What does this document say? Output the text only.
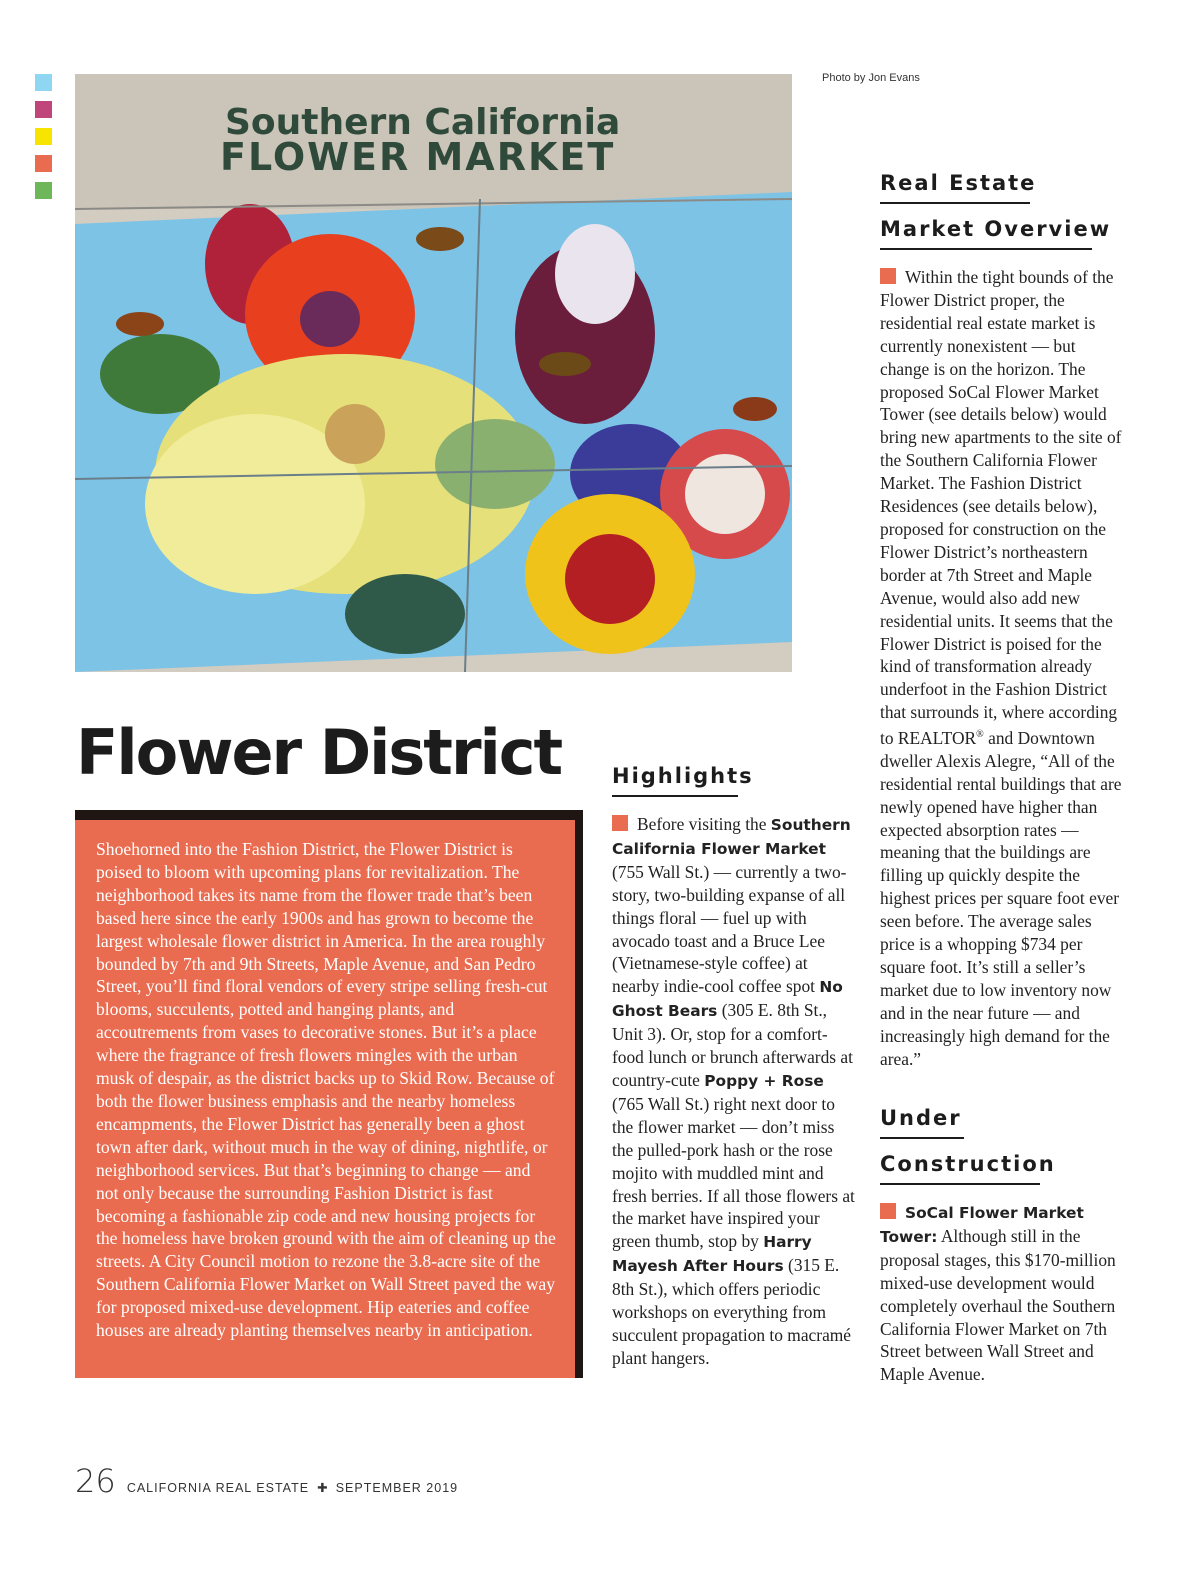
Southern California
FLOWER MARKET
Photo by Jon Evans
Flower District

Shoehorned into the Fashion District, the Flower District is poised to bloom with upcoming plans for revitalization. The neighborhood takes its name from the flower trade that’s been based here since the early 1900s and has grown to become the largest wholesale flower district in America. In the area roughly bounded by 7th and 9th Streets, Maple Avenue, and San Pedro Street, you’ll find floral vendors of every stripe selling fresh-cut blooms, succulents, potted and hanging plants, and accoutrements from vases to decorative stones. But it’s a place where the fragrance of fresh flowers mingles with the urban musk of despair, as the district backs up to Skid Row. Because of both the flower business emphasis and the nearby homeless encampments, the Flower District has generally been a ghost town after dark, without much in the way of dining, nightlife, or neighborhood services. But that’s beginning to change — and not only because the surrounding Fashion District is fast becoming a fashionable zip code and new housing projects for the homeless have broken ground with the aim of cleaning up the streets. A City Council motion to rezone the 3.8-acre site of the Southern California Flower Market on Wall Street paved the way for proposed mixed-use development. Hip eateries and coffee houses are already planting themselves nearby in anticipation.

Highlights

Before visiting the Southern California Flower Market (755 Wall St.) — currently a two-story, two-building expanse of all things floral — fuel up with avocado toast and a Bruce Lee (Vietnamese-style coffee) at nearby indie-cool coffee spot No Ghost Bears (305 E. 8th St., Unit 3). Or, stop for a comfort-food lunch or brunch afterwards at country-cute Poppy + Rose (765 Wall St.) right next door to the flower market — don’t miss the pulled-pork hash or the rose mojito with muddled mint and fresh berries. If all those flowers at the market have inspired your green thumb, stop by Harry Mayesh After Hours (315 E. 8th St.), which offers periodic workshops on everything from succulent propagation to macramé plant hangers.

Real Estate
Market Overview

Within the tight bounds of the Flower District proper, the residential real estate market is currently nonexistent — but change is on the horizon. The proposed SoCal Flower Market Tower (see details below) would bring new apartments to the site of the Southern California Flower Market. The Fashion District Residences (see details below), proposed for construction on the Flower District’s northeastern border at 7th Street and Maple Avenue, would also add new residential units. It seems that the Flower District is poised for the kind of transformation already underfoot in the Fashion District that surrounds it, where according to REALTOR® and Downtown dweller Alexis Alegre, “All of the residential rental buildings that are newly opened have higher than expected absorption rates — meaning that the buildings are filling up quickly despite the highest prices per square foot ever seen before. The average sales price is a whopping $734 per square foot. It’s still a seller’s market due to low inventory now and in the near future — and increasingly high demand for the area.”

Under
Construction

SoCal Flower Market Tower: Although still in the proposal stages, this $170-million mixed-use development would completely overhaul the Southern California Flower Market on 7th Street between Wall Street and Maple Avenue.

26 CALIFORNIA REAL ESTATE ✚ SEPTEMBER 2019
